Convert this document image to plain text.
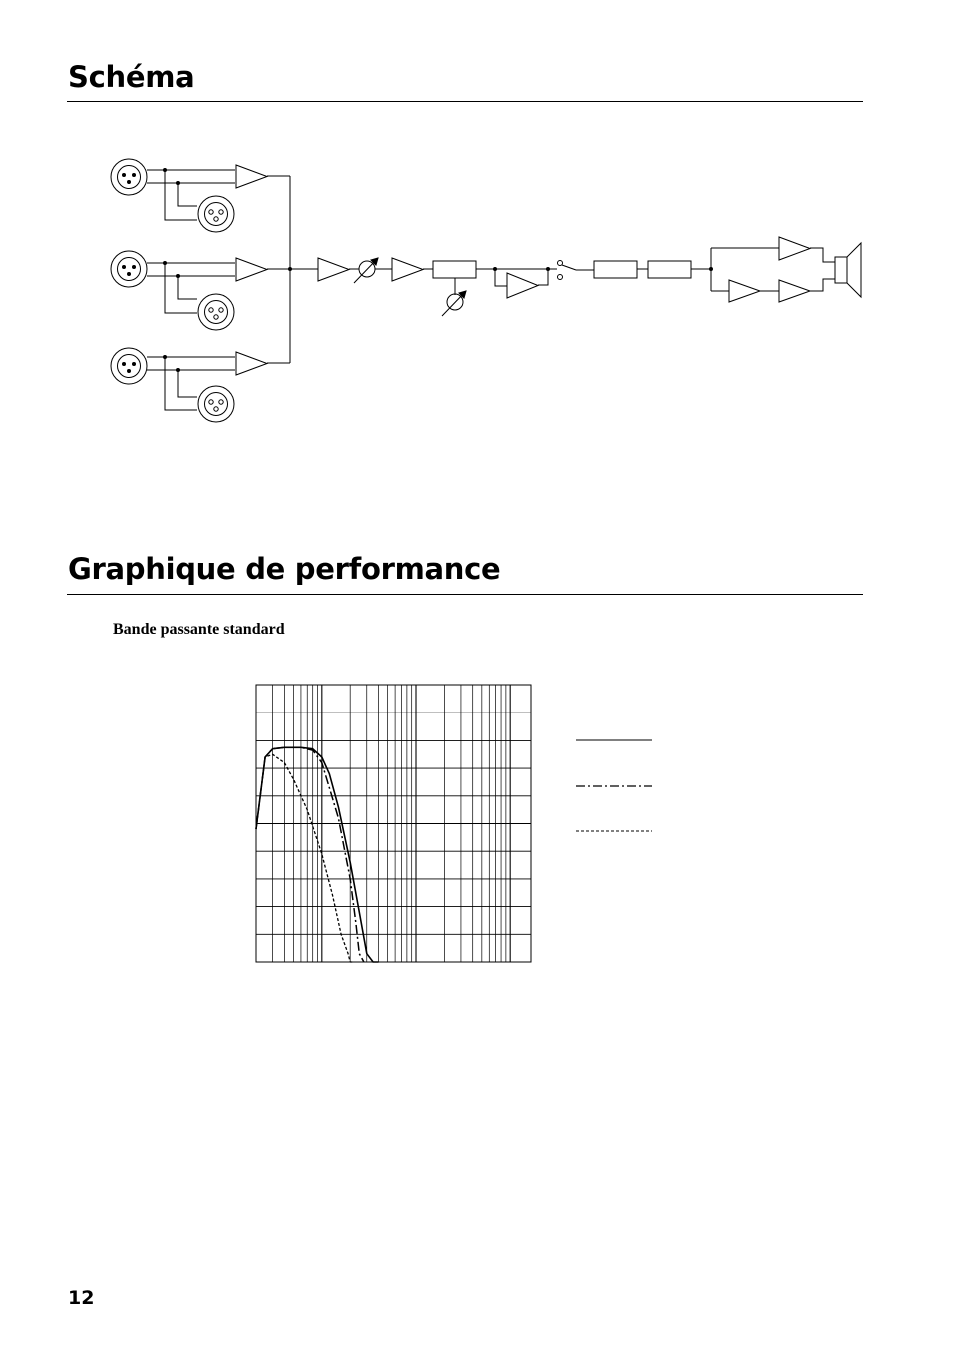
Schéma
Graphique de performance
Bande passante standard
12
